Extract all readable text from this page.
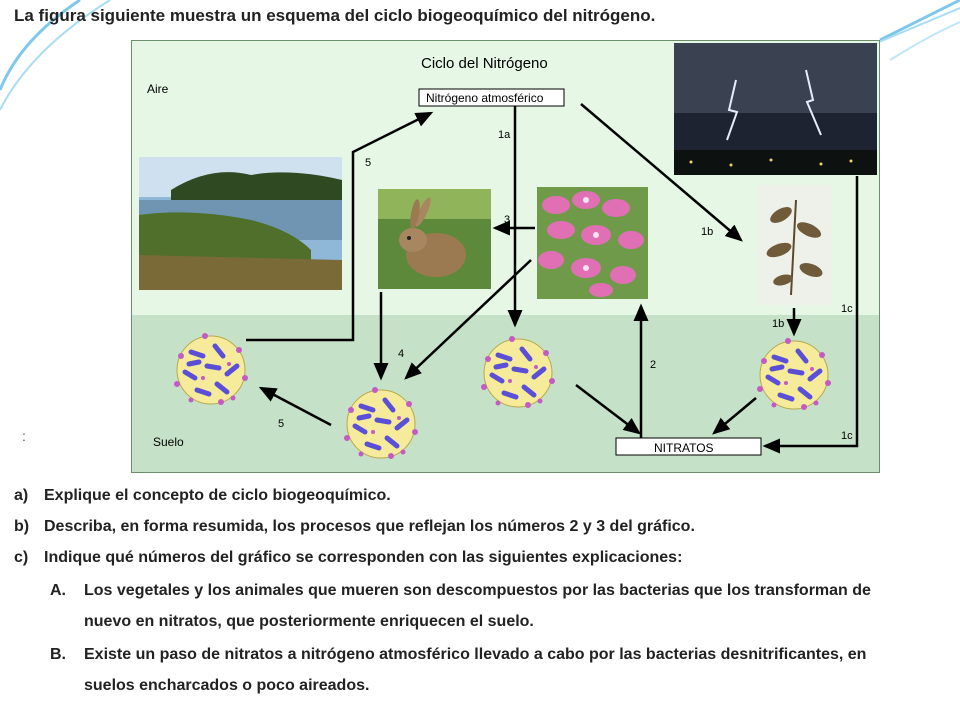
La figura siguiente muestra un esquema del ciclo biogeoquímico del nitrógeno.
Ciclo del Nitrógeno
Aire
Suelo
Nitrógeno atmosférico
NITRATOS
1a
1b
1b
1c
1c
2
3
4
5
5
:
a) Explique el concepto de ciclo biogeoquímico.
b) Describa, en forma resumida, los procesos que reflejan los números 2 y 3 del gráfico.
c) Indique qué números del gráfico se corresponden con las siguientes explicaciones:
A. Los vegetales y los animales que mueren son descompuestos por las bacterias que los transforman de
nuevo en nitratos, que posteriormente enriquecen el suelo.
B. Existe un paso de nitratos a nitrógeno atmosférico llevado a cabo por las bacterias desnitrificantes, en
suelos encharcados o poco aireados.
